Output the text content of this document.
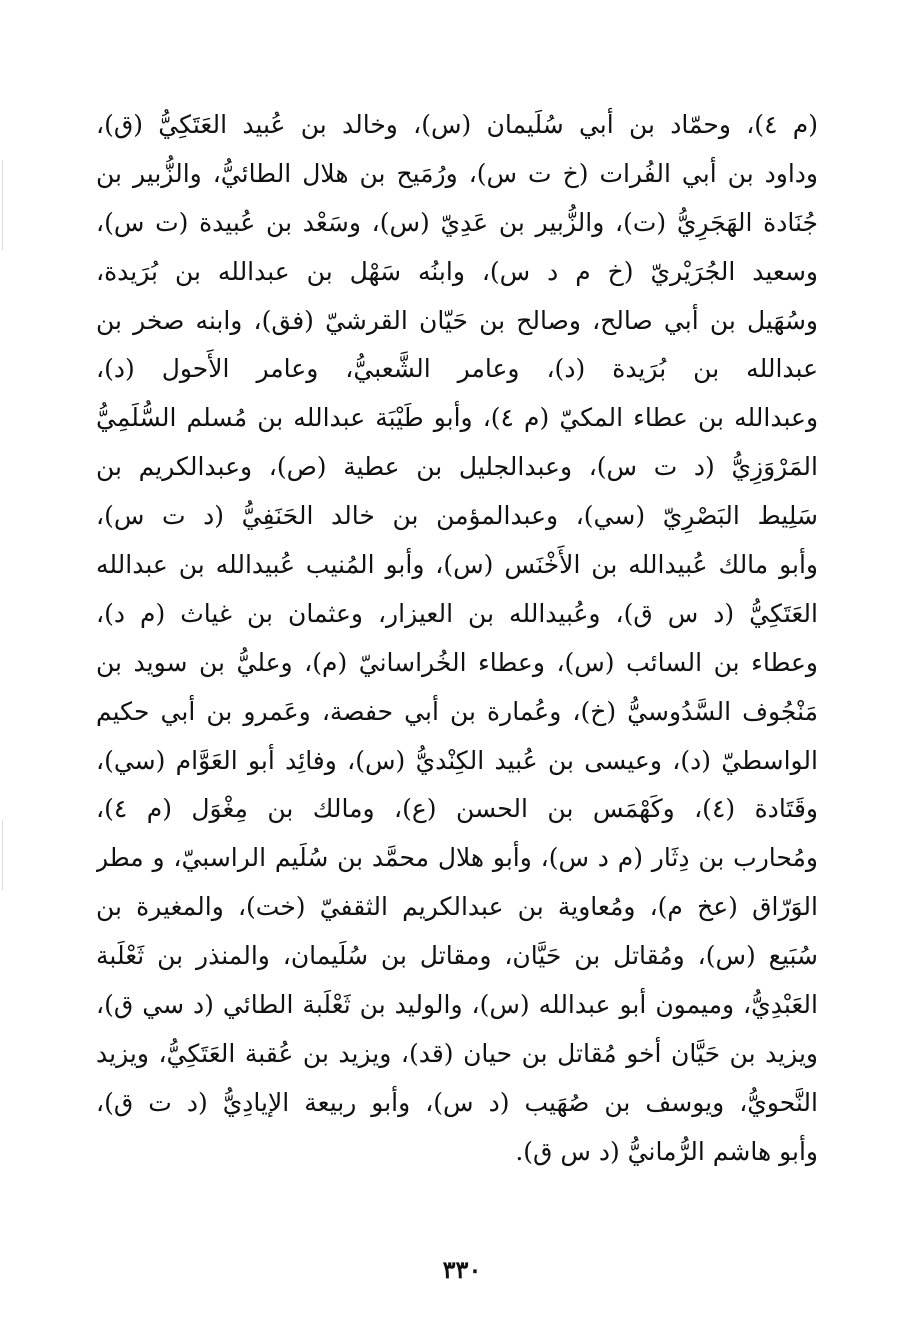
(م ٤)، وحمّاد بن أبي سُلَيمان (س)، وخالد بن عُبيد العَتَكِيُّ (ق)،
وداود بن أبي الفُرات (خ ت س)، ورُمَيح بن هلال الطائيُّ، والزُّبير بن
جُنَادة الهَجَرِيُّ (ت)، والزُّبير بن عَدِيّ (س)، وسَعْد بن عُبيدة (ت س)،
وسعيد الجُرَيْريّ (خ م د س)، وابنُه سَهْل بن عبدالله بن بُرَيدة،
وسُهَيل بن أبي صالح، وصالح بن حَيّان القرشيّ (فق)، وابنه صخر بن
عبدالله بن بُرَيدة (د)، وعامر الشَّعبيُّ، وعامر الأَحول (د)،
وعبدالله بن عطاء المكيّ (م ٤)، وأبو طَيْبَة عبدالله بن مُسلم السُّلَمِيُّ
المَرْوَزِيُّ (د ت س)، وعبدالجليل بن عطية (ص)، وعبدالكريم بن
سَلِيط البَصْرِيّ (سي)، وعبدالمؤمن بن خالد الحَنَفِيُّ (د ت س)،
وأبو مالك عُبيدالله بن الأَخْنَس (س)، وأبو المُنيب عُبيدالله بن عبدالله
العَتَكِيُّ (د س ق)، وعُبيدالله بن العيزار، وعثمان بن غياث (م د)،
وعطاء بن السائب (س)، وعطاء الخُراسانيّ (م)، وعليُّ بن سويد بن
مَنْجُوف السَّدُوسيُّ (خ)، وعُمارة بن أبي حفصة، وعَمرو بن أبي حكيم
الواسطيّ (د)، وعيسى بن عُبيد الكِنْديُّ (س)، وفائِد أبو العَوَّام (سي)،
وقَتَادة (٤)، وكَهْمَس بن الحسن (ع)، ومالك بن مِغْوَل (م ٤)،
ومُحارب بن دِثَار (م د س)، وأبو هلال محمَّد بن سُلَيم الراسبيّ، و مطر
الوَرّاق (عخ م)، ومُعاوية بن عبدالكريم الثقفيّ (خت)، والمغيرة بن
سُبَيع (س)، ومُقاتل بن حَيَّان، ومقاتل بن سُلَيمان، والمنذر بن ثَعْلَبة
العَبْدِيُّ، وميمون أبو عبدالله (س)، والوليد بن ثَعْلَبة الطائي (د سي ق)،
ويزيد بن حَيَّان أخو مُقاتل بن حيان (قد)، ويزيد بن عُقبة العَتَكِيُّ، ويزيد
النَّحويُّ، ويوسف بن صُهَيب (د س)، وأبو ربيعة الإيادِيُّ (د ت ق)،
وأبو هاشم الرُّمانيُّ (د س ق).
٣٣٠
